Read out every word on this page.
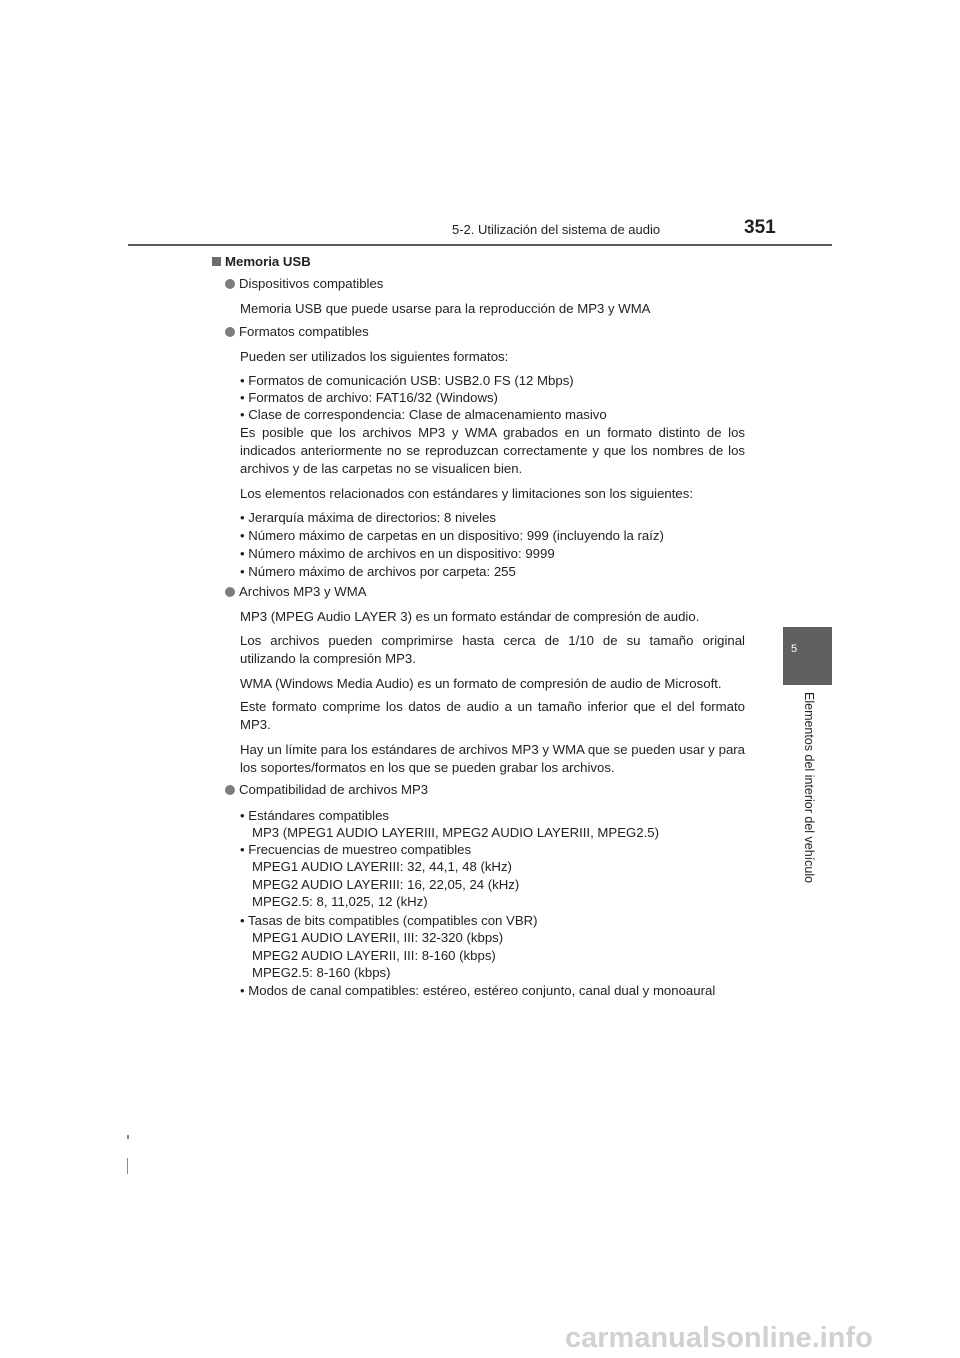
5-2. Utilización del sistema de audio	351
5
Elementos del interior del vehículo
Memoria USB
Dispositivos compatibles
Memoria USB que puede usarse para la reproducción de MP3 y WMA
Formatos compatibles
Pueden ser utilizados los siguientes formatos:
• Formatos de comunicación USB: USB2.0 FS (12 Mbps)
• Formatos de archivo: FAT16/32 (Windows)
• Clase de correspondencia: Clase de almacenamiento masivo
Es posible que los archivos MP3 y WMA grabados en un formato distinto de los indicados anteriormente no se reproduzcan correctamente y que los nombres de los archivos y de las carpetas no se visualicen bien.
Los elementos relacionados con estándares y limitaciones son los siguientes:
• Jerarquía máxima de directorios: 8 niveles
• Número máximo de carpetas en un dispositivo: 999 (incluyendo la raíz)
• Número máximo de archivos en un dispositivo: 9999
• Número máximo de archivos por carpeta: 255
Archivos MP3 y WMA
MP3 (MPEG Audio LAYER 3) es un formato estándar de compresión de audio.
Los archivos pueden comprimirse hasta cerca de 1/10 de su tamaño original utilizando la compresión MP3.
WMA (Windows Media Audio) es un formato de compresión de audio de Microsoft.
Este formato comprime los datos de audio a un tamaño inferior que el del formato MP3.
Hay un límite para los estándares de archivos MP3 y WMA que se pueden usar y para los soportes/formatos en los que se pueden grabar los archivos.
Compatibilidad de archivos MP3
• Estándares compatibles
MP3 (MPEG1 AUDIO LAYERIII, MPEG2 AUDIO LAYERIII, MPEG2.5)
• Frecuencias de muestreo compatibles
MPEG1 AUDIO LAYERIII: 32, 44,1, 48 (kHz)
MPEG2 AUDIO LAYERIII: 16, 22,05, 24 (kHz)
MPEG2.5: 8, 11,025, 12 (kHz)
• Tasas de bits compatibles (compatibles con VBR)
MPEG1 AUDIO LAYERII, III: 32-320 (kbps)
MPEG2 AUDIO LAYERII, III: 8-160 (kbps)
MPEG2.5: 8-160 (kbps)
• Modos de canal compatibles: estéreo, estéreo conjunto, canal dual y monoaural
carmanualsonline.info
